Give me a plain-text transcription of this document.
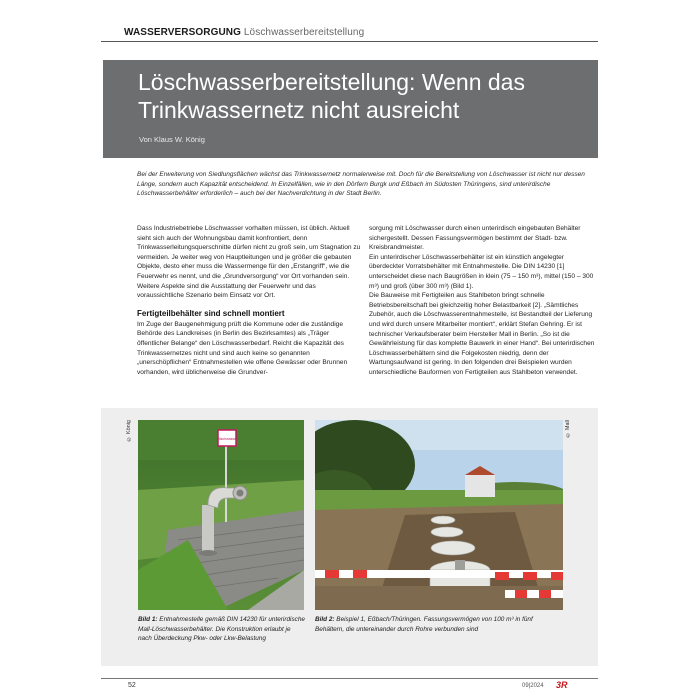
WASSERVERSORGUNG Löschwasserbereitstellung
Löschwasserbereitstellung: Wenn das
Trinkwassernetz nicht ausreicht
Von Klaus W. König

Bei der Erweiterung von Siedlungsflächen wächst das Trinkwassernetz normalerweise mit. Doch für die Bereitstellung von Löschwasser ist nicht nur dessen Länge, sondern auch Kapazität entscheidend. In Einzelfällen, wie in den Dörfern Burgk und Eßbach im Südosten Thüringens, sind unterirdische Löschwasserbehälter erforderlich – auch bei der Nachverdichtung in der Stadt Berlin.

Dass Industriebetriebe Löschwasser vorhalten müssen, ist üblich. Aktuell sieht sich auch der Wohnungsbau damit konfrontiert, denn Trinkwasserleitungsquerschnitte dürfen nicht zu groß sein, um Stagnation zu vermeiden. Je weiter weg von Hauptleitungen und je größer die gebauten Objekte, desto eher muss die Wassermenge für den „Erstangriff“, wie die Feuerwehr es nennt, und die „Grundversorgung“ vor Ort vorhanden sein. Weitere Aspekte sind die Ausstattung der Feuerwehr und das voraussichtliche Szenario beim Einsatz vor Ort.

Fertigteilbehälter sind schnell montiert

Im Zuge der Baugenehmigung prüft die Kommune oder die zuständige Behörde des Landkreises (in Berlin des Bezirksamtes) als „Träger öffentlicher Belange“ den Löschwasserbedarf. Reicht die Kapazität des Trinkwassernetzes nicht und sind auch keine so genannten „unerschöpflichen“ Entnahmestellen wie offene Gewässer oder Brunnen vorhanden, wird üblicherweise die Grundver-

sorgung mit Löschwasser durch einen unterirdisch eingebauten Behälter sichergestellt. Dessen Fassungsvermögen bestimmt der Stadt- bzw. Kreisbrandmeister.

Ein unterirdischer Löschwasserbehälter ist ein künstlich angelegter überdeckter Vorratsbehälter mit Entnahmestelle. Die DIN 14230 [1] unterscheidet diese nach Baugrößen in klein (75 – 150 m³), mittel (150 – 300 m³) und groß (über 300 m³) (Bild 1).

Die Bauweise mit Fertigteilen aus Stahlbeton bringt schnelle Betriebsbereitschaft bei gleichzeitig hoher Belastbarkeit [2]. „Sämtliches Zubehör, auch die Löschwasserentnahmestelle, ist Bestandteil der Lieferung und wird durch unsere Mitarbeiter montiert“, erklärt Stefan Gehring. Er ist technischer Verkaufsberater beim Hersteller Mall in Berlin. „So ist die Gewährleistung für das komplette Bauwerk in einer Hand“. Bei unterirdischen Löschwasserbehältern sind die Folgekosten niedrig, denn der Wartungsaufwand ist gering. In den folgenden drei Beispielen wurden unterschiedliche Bauformen von Fertigteilen aus Stahlbeton verwendet.

© König	© Mall
Löschwasser
Bild 1: Entnahmestelle gemäß DIN 14230 für unterirdische Mall-Löschwasserbehälter. Die Konstruktion erlaubt je nach Überdeckung Pkw- oder Lkw-Belastung
Bild 2: Beispiel 1, Eßbach/Thüringen. Fassungsvermögen von 100 m³ in fünf Behältern, die untereinander durch Rohre verbunden sind
52	09|2024 3R
